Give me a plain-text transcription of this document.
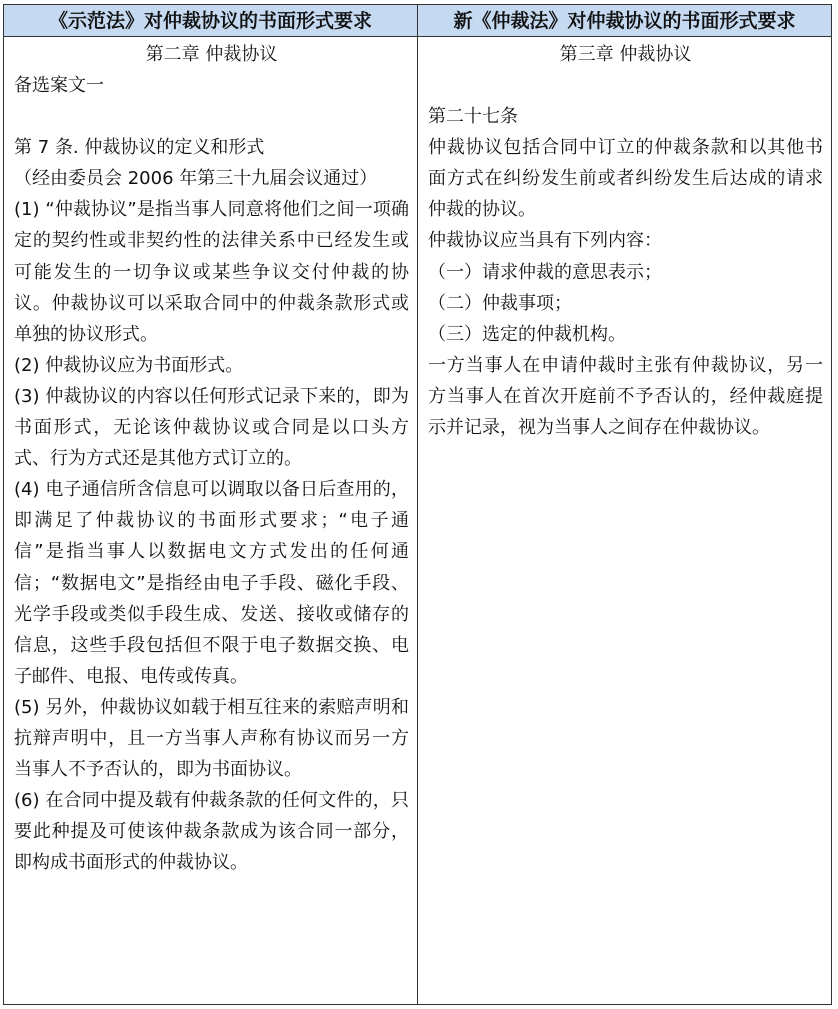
《示范法》对仲裁协议的书面形式要求	新《仲裁法》对仲裁协议的书面形式要求
第二章 仲裁协议
备选案文一
第 7 条. 仲裁协议的定义和形式
（经由委员会 2006 年第三十九届会议通过）

(1) “仲裁协议”是指当事人同意将他们之间一项确定的契约性或非契约性的法律关系中已经发生或可能发生的一切争议或某些争议交付仲裁的协议。仲裁协议可以采取合同中的仲裁条款形式或单独的协议形式。

(2) 仲裁协议应为书面形式。

(3) 仲裁协议的内容以任何形式记录下来的，即为书面形式，无论该仲裁协议或合同是以口头方式、行为方式还是其他方式订立的。

(4) 电子通信所含信息可以调取以备日后查用的，即满足了仲裁协议的书面形式要求；“电子通信”是指当事人以数据电文方式发出的任何通信；“数据电文”是指经由电子手段、磁化手段、光学手段或类似手段生成、发送、接收或储存的信息，这些手段包括但不限于电子数据交换、电子邮件、电报、电传或传真。

(5) 另外，仲裁协议如载于相互往来的索赔声明和抗辩声明中，且一方当事人声称有协议而另一方当事人不予否认的，即为书面协议。

(6) 在合同中提及载有仲裁条款的任何文件的，只要此种提及可使该仲裁条款成为该合同一部分，即构成书面形式的仲裁协议。

第三章 仲裁协议
第二十七条

仲裁协议包括合同中订立的仲裁条款和以其他书面方式在纠纷发生前或者纠纷发生后达成的请求仲裁的协议。

仲裁协议应当具有下列内容：

（一）请求仲裁的意思表示；

（二）仲裁事项；

（三）选定的仲裁机构。

一方当事人在申请仲裁时主张有仲裁协议，另一方当事人在首次开庭前不予否认的，经仲裁庭提示并记录，视为当事人之间存在仲裁协议。
